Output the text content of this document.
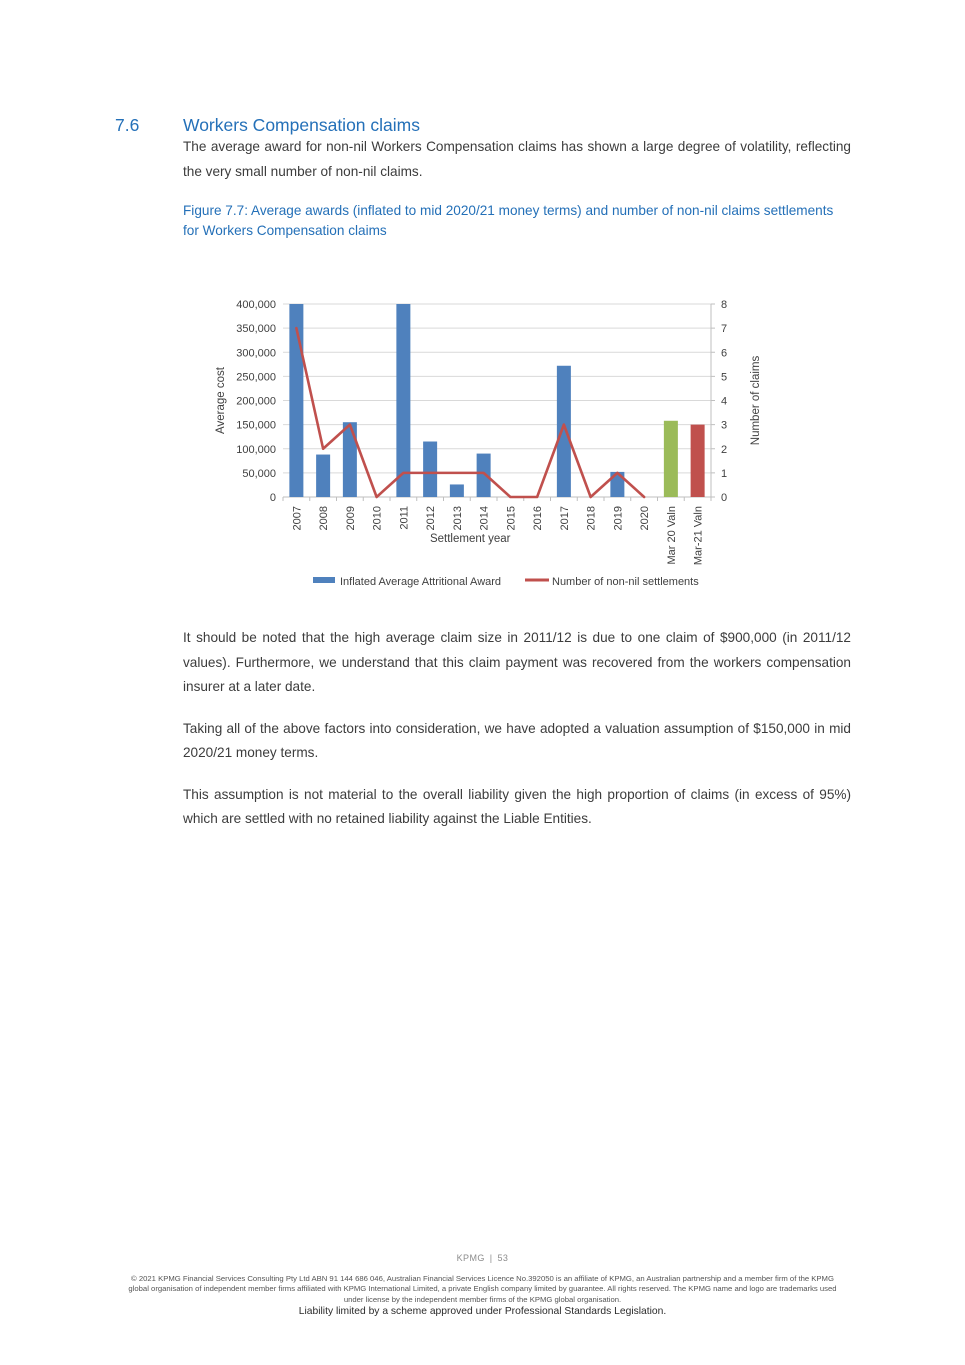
7.6	Workers Compensation claims

The average award for non-nil Workers Compensation claims has shown a large degree of volatility, reflecting the very small number of non-nil claims.

Figure 7.7: Average awards (inflated to mid 2020/21 money terms) and number of non-nil claims settlements for Workers Compensation claims

0
50,000
100,000
150,000
200,000
250,000
300,000
350,000
400,000
0
1
2
3
4
5
6
7
8
2007 2008 2009 2010 2011 2012 2013 2014 2015 2016 2017 2018 2019 2020 Mar 20 Valn Mar-21 Valn
Average cost	Number of claims
Settlement year
Inflated Average Attritional Award	Number of non-nil settlements

It should be noted that the high average claim size in 2011/12 is due to one claim of $900,000 (in 2011/12 values). Furthermore, we understand that this claim payment was recovered from the workers compensation insurer at a later date.

Taking all of the above factors into consideration, we have adopted a valuation assumption of $150,000 in mid 2020/21 money terms.

This assumption is not material to the overall liability given the high proportion of claims (in excess of 95%) which are settled with no retained liability against the Liable Entities.

KPMG | 53
© 2021 KPMG Financial Services Consulting Pty Ltd ABN 91 144 686 046, Australian Financial Services Licence No.392050 is an affiliate of KPMG, an Australian partnership and a member firm of the KPMG global organisation of independent member firms affiliated with KPMG International Limited, a private English company limited by guarantee. All rights reserved. The KPMG name and logo are trademarks used under license by the independent member firms of the KPMG global organisation.
Liability limited by a scheme approved under Professional Standards Legislation.
